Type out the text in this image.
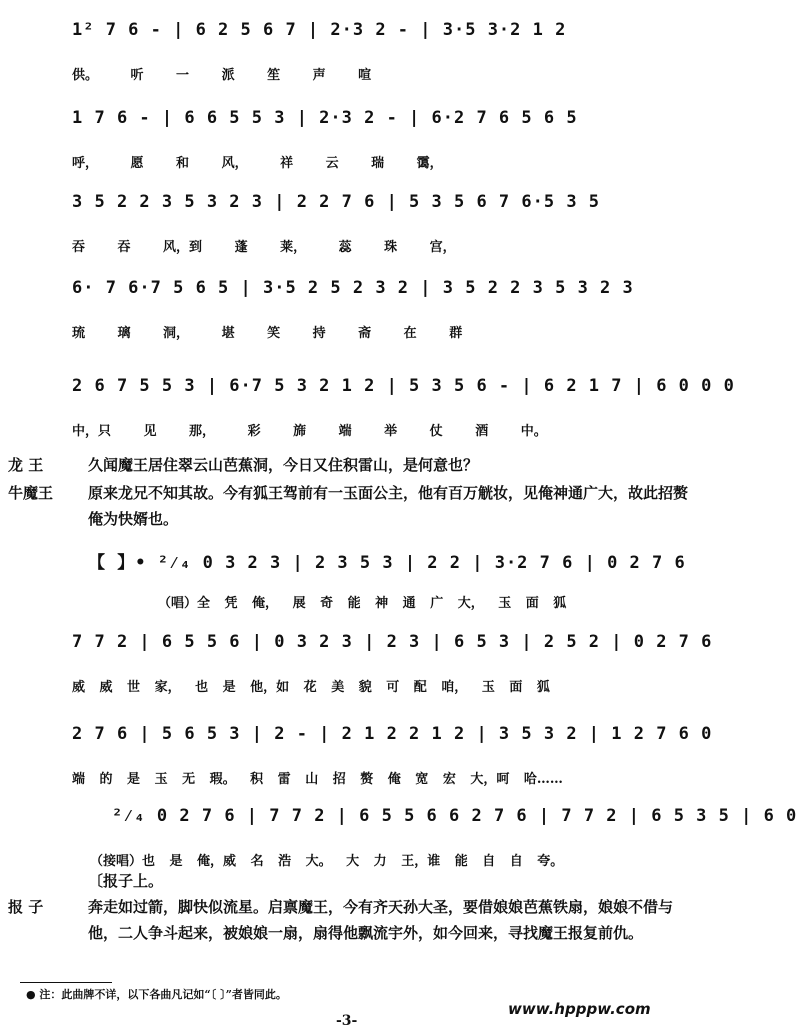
1² 7 6 - | 6 2 5 6 7 | 2·3 2 - | 3·5 3·2 1 2
供。 听 一 派 笙 声 喧
1 7 6 - | 6 6 5 5 3 | 2·3 2 - | 6·2 7 6 5 6 5
呼， 愿 和 风， 祥 云 瑞 霭，
3 5 2 2 3 5 3 2 3 | 2 2 7 6 | 5 3 5 6 7 6·5 3 5
吞 吞 风，到 蓬 莱， 蕊 珠 宫，
6· 7 6·7 5 6 5 | 3·5 2 5 2 3 2 | 3 5 2 2 3 5 3 2 3
琉 璃 洞， 堪 笑 持 斋 在 群
2 6 7 5 5 3 | 6·7 5 3 2 1 2 | 5 3 5 6 - | 6 2 1 7 | 6 0 0 0
中，只 见 那， 彩 旆 端 举 仗 酒 中。
龙 王	久闻魔王居住翠云山芭蕉洞，今日又住积雷山，是何意也？
牛魔王	原来龙兄不知其故。今有狐王驾前有一玉面公主，他有百万觥妆，见俺神通广大，故此招赘俺为快婿也。
【 】• ²⁄₄ 0 3 2 3 | 2 3 5 3 | 2 2 | 3·2 7 6 | 0 2 7 6
（唱）全 凭 俺， 展 奇 能 神 通 广 大， 玉 面 狐
7 7 2 | 6 5 5 6 | 0 3 2 3 | 2 3 | 6 5 3 | 2 5 2 | 0 2 7 6
威 威 世 家， 也 是 他，如 花 美 貌 可 配 咱， 玉 面 狐
2 7 6 | 5 6 5 3 | 2 - | 2 1 2 2 1 2 | 3 5 3 2 | 1 2 7 6 0
端 的 是 玉 无 瑕。 积 雷 山 招 赘 俺 宽 宏 大，呵 哈……
²⁄₄ 0 2 7 6 | 7 7 2 | 6 5 5 6 6 2 7 6 | 7 7 2 | 6 5 3 5 | 6 0
（接唱）也 是 俺，威 名 浩 大。 大 力 王，谁 能 自 自 夸。
〔报子上。
报 子	奔走如过箭，脚快似流星。启禀魔王，今有齐天孙大圣，要借娘娘芭蕉铁扇，娘娘不借与他，二人争斗起来，被娘娘一扇，扇得他飘流宇外，如今回来，寻找魔王报复前仇。
● 注：此曲牌不详，以下各曲凡记如“〔 〕”者皆同此。
www.hpppw.com
-3-
